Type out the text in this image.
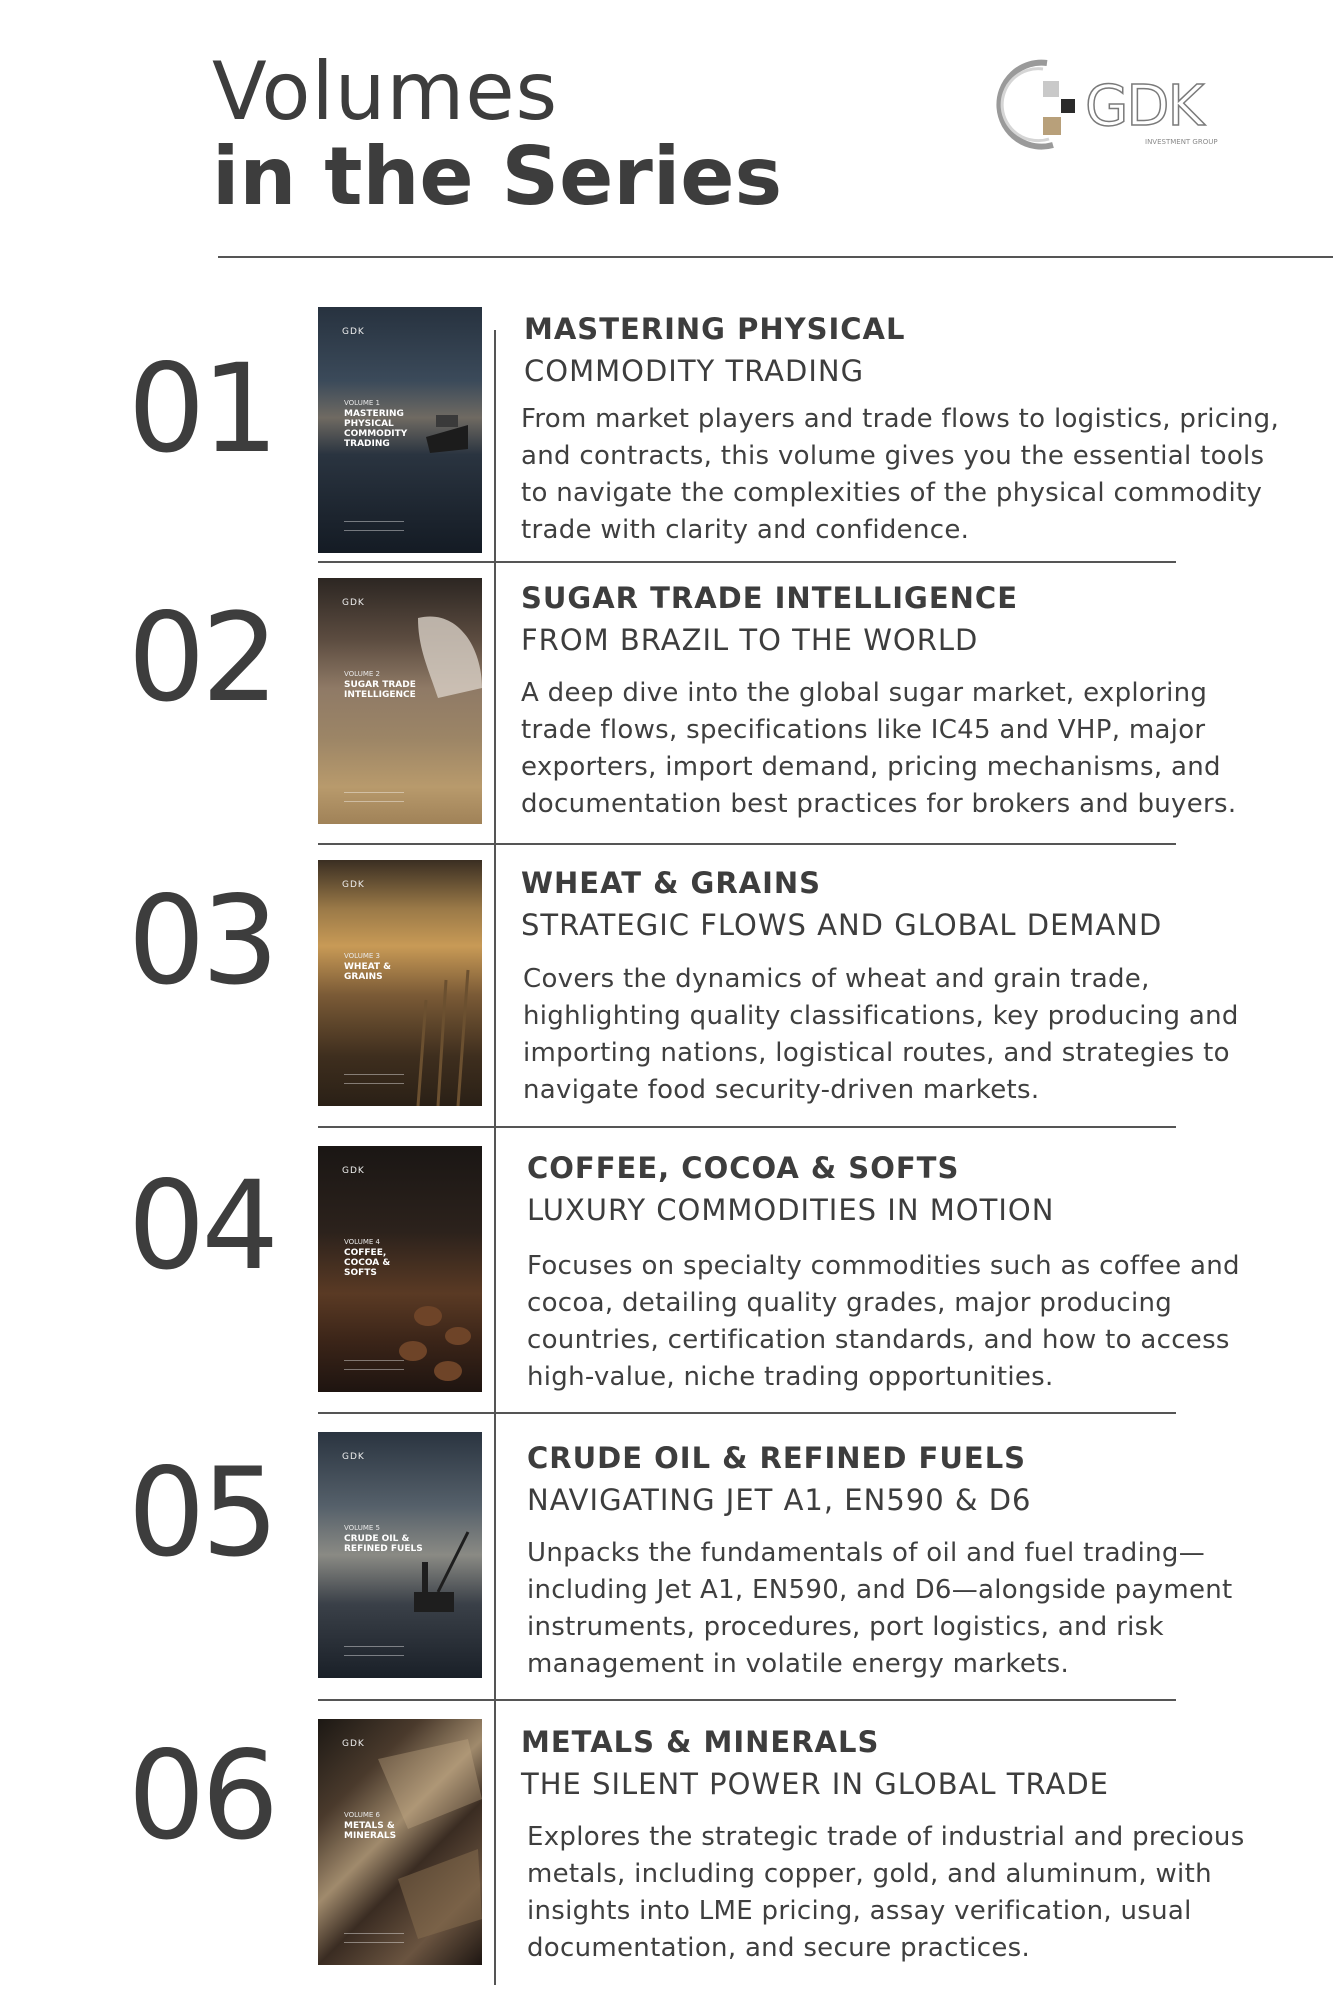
Volumes
in the Series
GDK
INVESTMENT GROUP
01
GDK
VOLUME 1
MASTERING PHYSICAL COMMODITY TRADING
MASTERING PHYSICAL
COMMODITY TRADING
From market players and trade flows to logistics, pricing, and contracts, this volume gives you the essential tools to navigate the complexities of the physical commodity trade with clarity and confidence.
02	GDK
VOLUME 2
SUGAR TRADE INTELLIGENCE
SUGAR TRADE INTELLIGENCE
FROM BRAZIL TO THE WORLD
A deep dive into the global sugar market, exploring trade flows, specifications like IC45 and VHP, major exporters, import demand, pricing mechanisms, and documentation best practices for brokers and buyers.
03	GDK
VOLUME 3
WHEAT & GRAINS
WHEAT & GRAINS
STRATEGIC FLOWS AND GLOBAL DEMAND
Covers the dynamics of wheat and grain trade, highlighting quality classifications, key producing and importing nations, logistical routes, and strategies to navigate food security-driven markets.
04	GDK
VOLUME 4
COFFEE, COCOA & SOFTS
COFFEE, COCOA & SOFTS
LUXURY COMMODITIES IN MOTION
Focuses on specialty commodities such as coffee and cocoa, detailing quality grades, major producing countries, certification standards, and how to access high-value, niche trading opportunities.
05	GDK
VOLUME 5
CRUDE OIL & REFINED FUELS
CRUDE OIL & REFINED FUELS
NAVIGATING JET A1, EN590 & D6
Unpacks the fundamentals of oil and fuel trading—including Jet A1, EN590, and D6—alongside payment instruments, procedures, port logistics, and risk management in volatile energy markets.
06	GDK
VOLUME 6
METALS & MINERALS
METALS & MINERALS
THE SILENT POWER IN GLOBAL TRADE
Explores the strategic trade of industrial and precious metals, including copper, gold, and aluminum, with insights into LME pricing, assay verification, usual documentation, and secure practices.
